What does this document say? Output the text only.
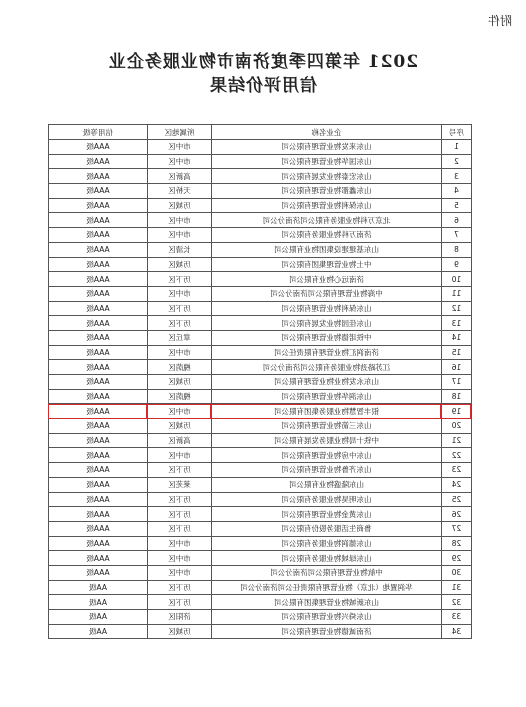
附件
2021 年第四季度济南市物业服务企业
信用评价结果
序号	企业名称	所属地区	信用等级
1	山东来发物业管理有限公司	市中区	AAA级
2	山东国华物业管理有限公司	市中区	AAA级
3	山东宏泰物业发展有限公司	高新区	AAA级
4	山东鑫都物业管理有限公司	天桥区	AAA级
5	山东保利物业管理有限公司	历城区	AAA级
6	北京万科物业服务有限公司济南分公司	市中区	AAA级
7	济南万科物业服务有限公司	市中区	AAA级
8	山东基建建设集团物业有限公司	长清区	AAA级
9	中土物业管理集团有限公司	历城区	AAA级
10	济南远心物业有限公司	历下区	AAA级
11	中海物业管理有限公司济南分公司	市中区	AAA级
12	山东保利物业管理有限公司	历下区	AAA级
13	山东佳园物业发展有限公司	历下区	AAA级
14	中铁诺德物业管理有限公司	章丘区	AAA级
15	济南润汇物业管理有限责任公司	市中区	AAA级
16	江苏路劲物业服务有限公司济南分公司	槐荫区	AAA级
17	山东永发物业物业管理有限公司	历城区	AAA级
18	山东润华物业管理有限公司	槐荫区	AAA级
19	银丰智慧物业服务集团有限公司	市中区	AAA级
20	山东三箭物业管理有限公司	历城区	AAA级
21	中铁十局物业服务发展有限公司	高新区	AAA级
22	山东中房物业管理有限公司	市中区	AAA级
23	山东齐鲁物业管理有限公司	历下区	AAA级
24	山东隆盛物业有限公司	莱芜区	AAA级
25	山东明昊物业服务有限公司	历下区	AAA级
26	山东黄金物业管理有限公司	历下区	AAA级
27	鲁商生活服务股份有限公司	历下区	AAA级
28	山东德润物业服务有限公司	市中区	AAA级
29	山东绿城物业服务有限公司	市中区	AAA级
30	中航物业管理有限公司济南分公司	市中区	AAA级
31	华润置地（北京）物业管理有限责任公司济南分公司	历下区	AA级
32	山东新城物业管理集团有限公司	历下区	AA级
33	山东舜兴物业管理有限公司	济阳区	AA级
34	济南诚德物业管理有限公司	历城区	AA级
